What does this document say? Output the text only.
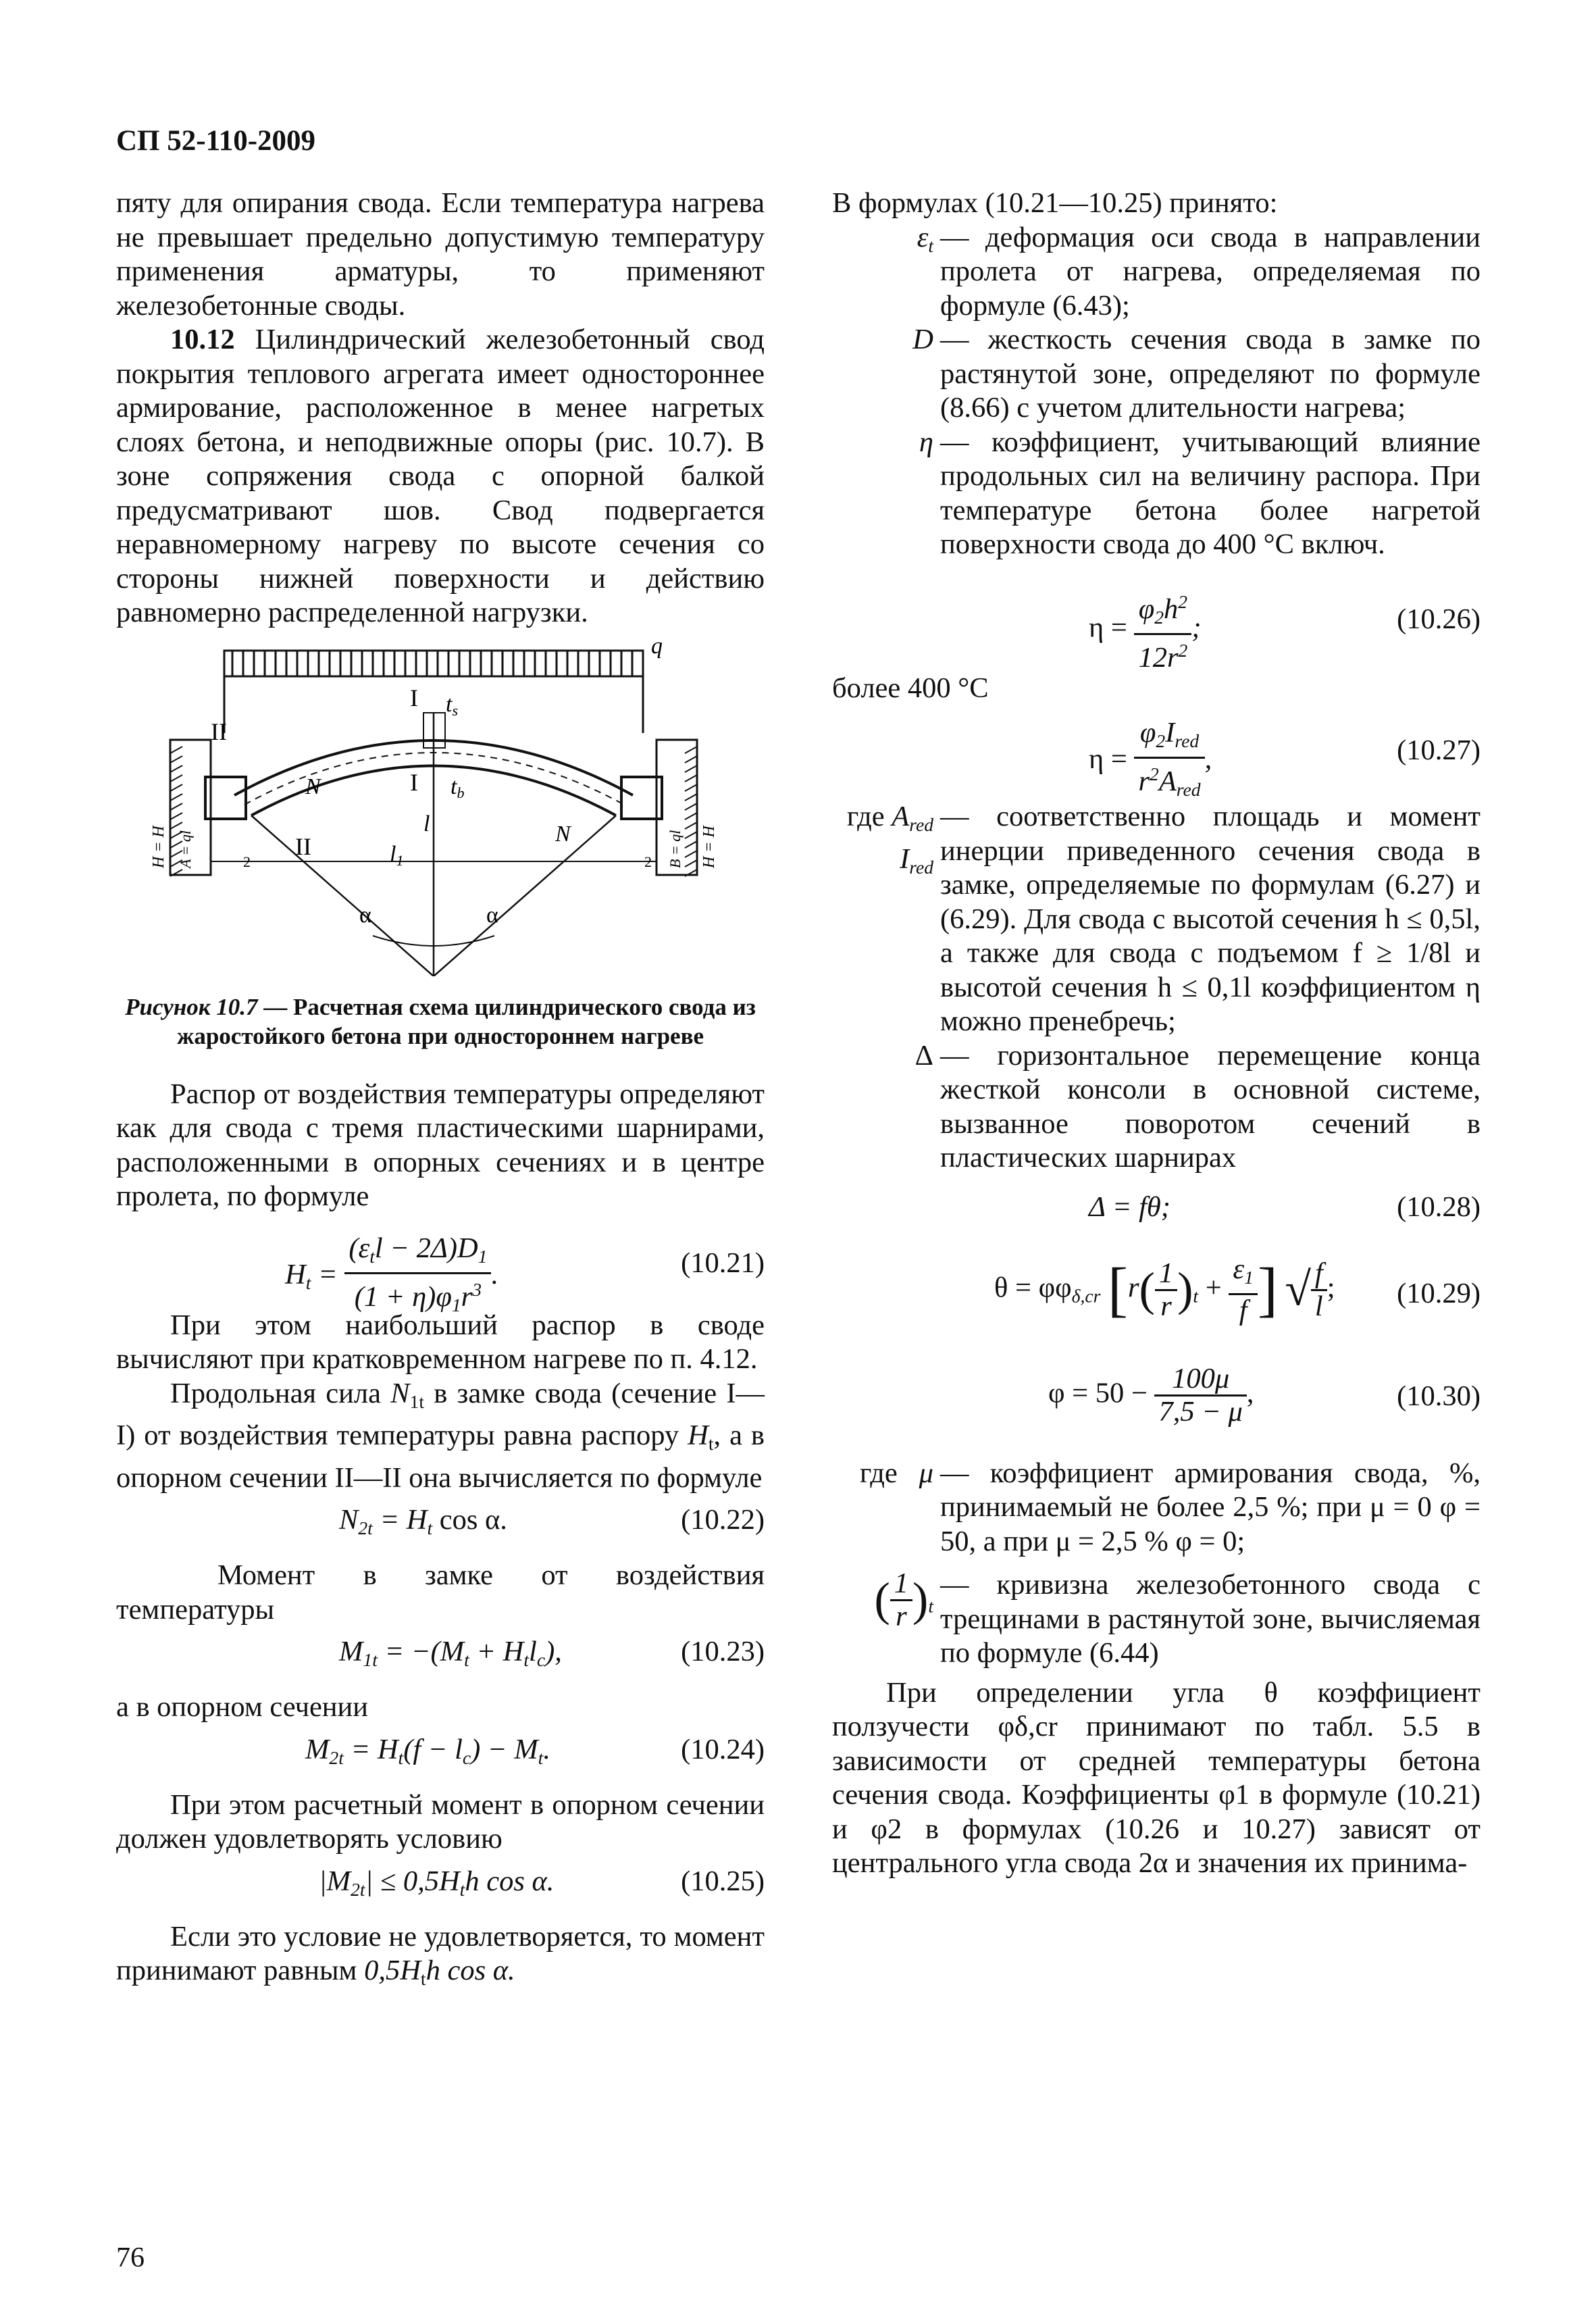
СП 52-110-2009

пяту для опирания свода. Если температура нагрева не превышает предельно допустимую температуру применения арматуры, то применяют железобетонные своды.

10.12 Цилиндрический железобетонный свод покрытия теплового агрегата имеет одностороннее армирование, расположенное в менее нагретых слоях бетона, и неподвижные опоры (рис. 10.7). В зоне сопряжения свода с опорной балкой предусматривают шов. Свод подвергается неравномерному нагреву по высоте сечения со стороны нижней поверхности и действию равномерно распределенной нагрузки.

q
I
I
II
II
ts
tb
N
N
l
l1
α	α
H = H	H = H
A = ql	B = ql
2	2
Рисунок 10.7 — Расчетная схема цилиндрического свода из жаростойкого бетона при одностороннем нагреве

Распор от воздействия температуры определяют как для свода с тремя пластическими шарнирами, расположенными в опорных сечениях и в центре пролета, по формуле

$H_t = \frac{(\varepsilon_tl - 2\Delta)D_1}{(1 + \eta)\varphi_1r^3}$ .	(10.21)

При этом наибольший распор в своде вычисляют при кратковременном нагреве по п. 4.12.

Продольная сила $N_{1t}$ в замке свода (сечение I—I) от воздействия температуры равна распору $H_t$, а в опорном сечении II—II она вычисляется по формуле

$N_{2t} = H_t$ cos α.	(10.22)

Момент в замке от воздействия температуры

$M_{1t} = -(M_t + H_tl_c)$,	(10.23)

а в опорном сечении

$M_{2t} = H_t(f - l_c) - M_t$.	(10.24)

При этом расчетный момент в опорном сечении должен удовлетворять условию

$|M_{2t}| \le 0,5H_th$ cos α.	(10.25)

Если это условие не удовлетворяется, то момент принимают равным $0,5H_th$ cos α.

В формулах (10.21—10.25) принято:

$\varepsilon_t$ — деформация оси свода в направлении пролета от нагрева, определяемая по формуле (6.43);
D — жесткость сечения свода в замке по растянутой зоне, определяют по формуле (8.66) с учетом длительности нагрева;
η — коэффициент, учитывающий влияние продольных сил на величину распора. При температуре бетона более нагретой поверхности свода до 400 °С включ.
$\eta = \frac{\varphi_2h^2}{12r^2}$ ;	(10.26)

более 400 °С

$\eta = \frac{\varphi_2I_{red}}{r^2A_{red}}$ ,	(10.27)
где $A_{red}$
$I_{red}$
— соответственно площадь и момент инерции приведенного сечения свода в замке, определяемые по формулам (6.27) и (6.29). Для свода с высотой сечения h ≤ 0,5l, а также для свода с подъемом f ≥ 1/8l и высотой сечения h ≤ 0,1l коэффициентом η можно пренебречь;
Δ — горизонтальное перемещение конца жесткой консоли в основной системе, вызванное поворотом сечений в пластических шарнирах
Δ = fθ;	(10.28)
$\theta = \varphi\varphi_{\delta,cr}$ [$r( \frac{1}{r} )_t + \frac{\varepsilon_1}{f}$ ] √ $\frac{f}{l}$ ; (10.29)
$\varphi = 50 - \frac{100\mu}{7,5 - \mu}$ ,	(10.30)
где μ — коэффициент армирования свода, %, принимаемый не более 2,5 %; при μ = 0 φ = 50, а при μ = 2,5 % φ = 0;
( $\frac{1}{r} )_t$
— кривизна железобетонного свода с трещинами в растянутой зоне, вычисляемая по формуле (6.44)

При определении угла θ коэффициент ползучести φδ,cr принимают по табл. 5.5 в зависимости от средней температуры бетона сечения свода. Коэффициенты φ1 в формуле (10.21) и φ2 в формулах (10.26 и 10.27) зависят от центрального угла свода 2α и значения их принима-

76
